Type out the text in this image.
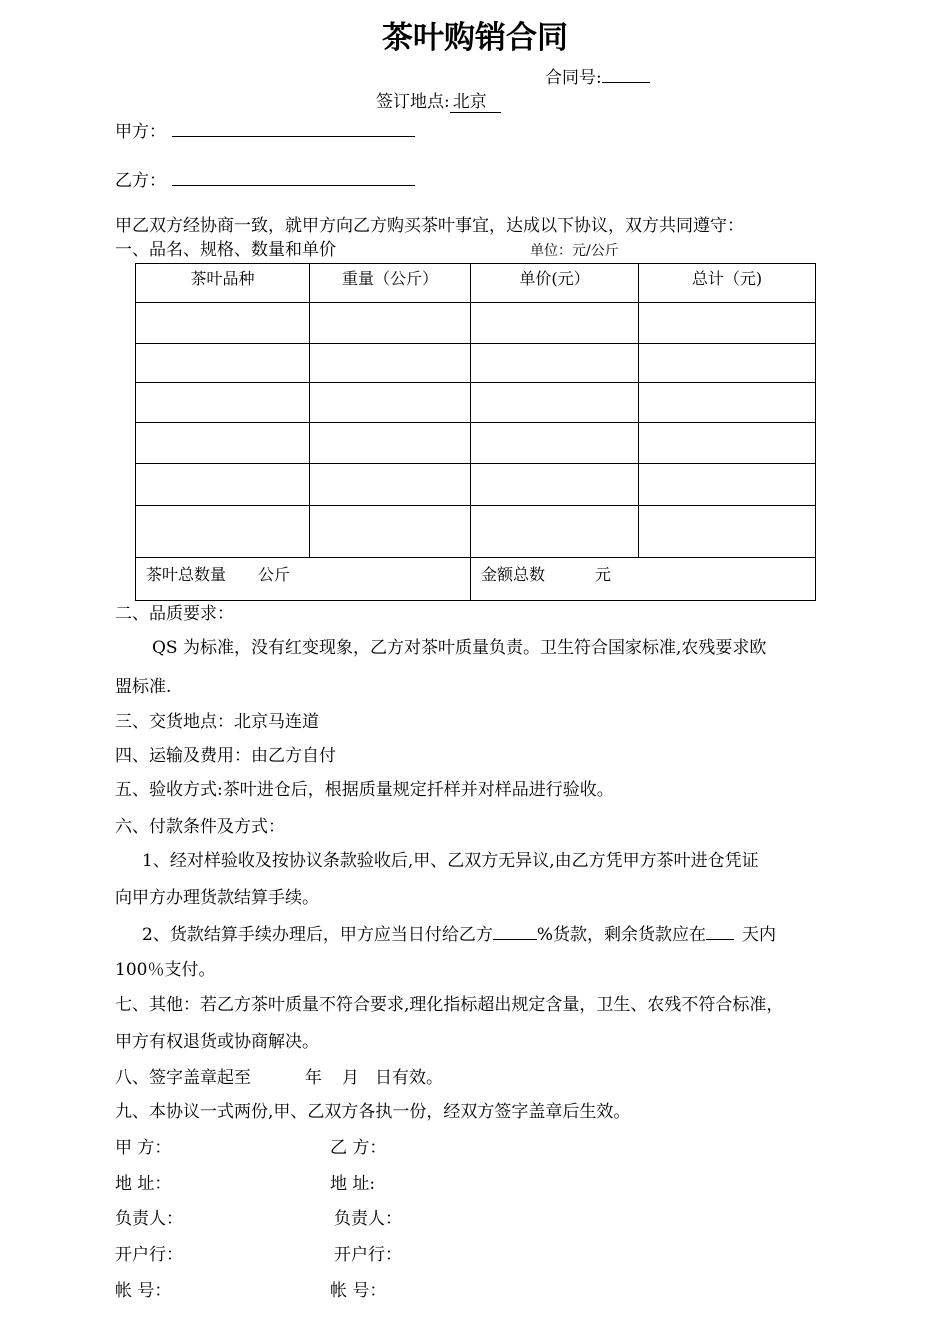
茶叶购销合同
合同号:
签订地点: 北京
甲方：
乙方：
甲乙双方经协商一致，就甲方向乙方购买茶叶事宜，达成以下协议，双方共同遵守：
一、品名、规格、数量和单价	单位：元/公斤
茶叶品种	重量（公斤）	单价(元）	总计（元)

茶叶总数量 公斤		金额总数 元	
二、品质要求：
QS 为标准，没有红变现象，乙方对茶叶质量负责。卫生符合国家标准,农残要求欧
盟标准.
三、交货地点：北京马连道
四、运输及费用：由乙方自付
五、验收方式:茶叶进仓后，根据质量规定扦样并对样品进行验收。
六、付款条件及方式：
1、经对样验收及按协议条款验收后,甲、乙双方无异议,由乙方凭甲方茶叶进仓凭证
向甲方办理货款结算手续。
2、货款结算手续办理后，甲方应当日付给乙方	%货款，剩余货款应在 天内
100％支付。
七、其他：若乙方茶叶质量不符合要求,理化指标超出规定含量，卫生、农残不符合标准，
甲方有权退货或协商解决。
八、签字盖章起至	年 月 日有效。
九、本协议一式两份,甲、乙双方各执一份，经双方签字盖章后生效。
甲 方：	乙 方：
地 址：	地 址:
负责人：	负责人：
开户行：	开户行：
帐 号：	帐 号：
